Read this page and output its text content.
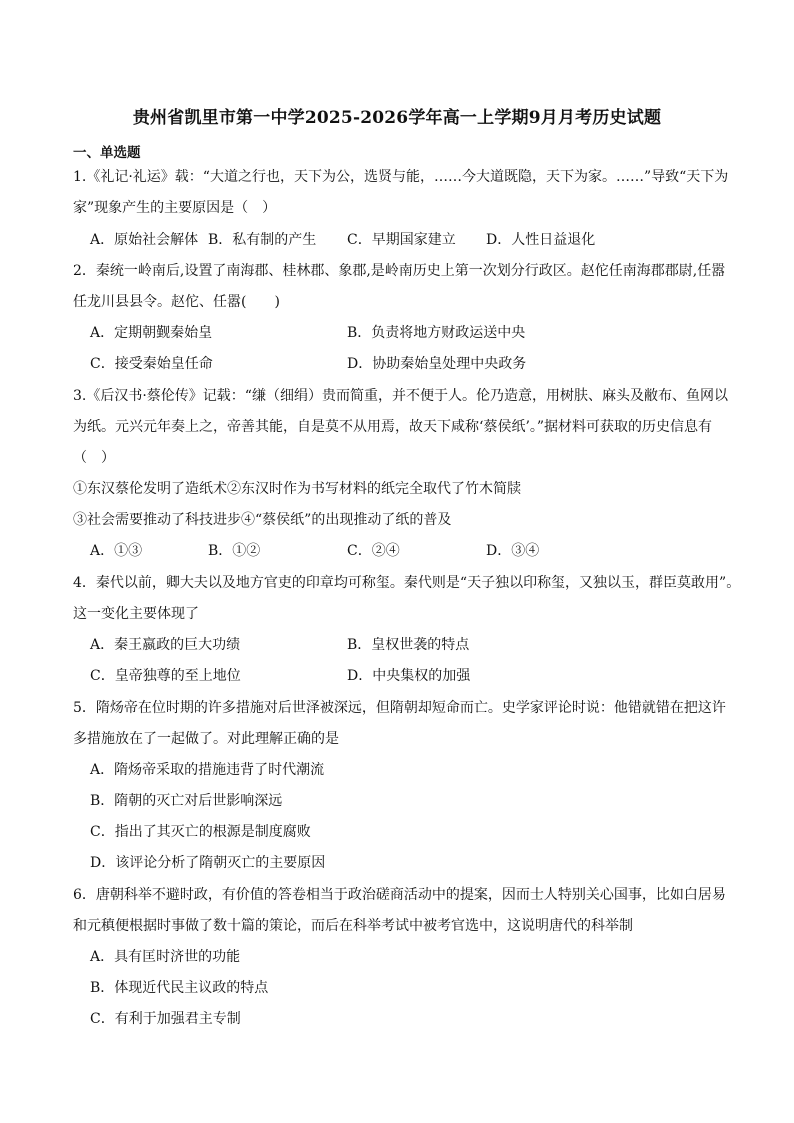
贵州省凯里市第一中学2025-2026学年高一上学期9月月考历史试题
一、单选题
1.《礼记·礼运》载：“大道之行也，天下为公，选贤与能，……今大道既隐，天下为家。……”导致“天下为
家”现象产生的主要原因是（　）
A．原始社会解体 B．私有制的产生 C．早期国家建立 D．人性日益退化
2．秦统一岭南后,设置了南海郡、桂林郡、象郡,是岭南历史上第一次划分行政区。赵佗任南海郡郡尉,任嚣
任龙川县县令。赵佗、任嚣(　　)
A．定期朝觐秦始皇	B．负责将地方财政运送中央
C．接受秦始皇任命	D．协助秦始皇处理中央政务
3.《后汉书·蔡伦传》记载：“缣（细绢）贵而简重，并不便于人。伦乃造意，用树肤、麻头及敝布、鱼网以
为纸。元兴元年奏上之，帝善其能，自是莫不从用焉，故天下咸称‘蔡侯纸’。”据材料可获取的历史信息有
（　）
①东汉蔡伦发明了造纸术②东汉时作为书写材料的纸完全取代了竹木简牍
③社会需要推动了科技进步④“蔡侯纸”的出现推动了纸的普及
A．①③	B．①②	C．②④	D．③④
4．秦代以前，卿大夫以及地方官吏的印章均可称玺。秦代则是“天子独以印称玺，又独以玉，群臣莫敢用”。
这一变化主要体现了
A．秦王嬴政的巨大功绩	B．皇权世袭的特点
C．皇帝独尊的至上地位	D．中央集权的加强
5．隋炀帝在位时期的许多措施对后世泽被深远，但隋朝却短命而亡。史学家评论时说：他错就错在把这许
多措施放在了一起做了。对此理解正确的是
A．隋炀帝采取的措施违背了时代潮流
B．隋朝的灭亡对后世影响深远
C．指出了其灭亡的根源是制度腐败
D．该评论分析了隋朝灭亡的主要原因
6．唐朝科举不避时政，有价值的答卷相当于政治磋商活动中的提案，因而士人特别关心国事，比如白居易
和元稹便根据时事做了数十篇的策论，而后在科举考试中被考官选中，这说明唐代的科举制
A．具有匡时济世的功能
B．体现近代民主议政的特点
C．有利于加强君主专制
